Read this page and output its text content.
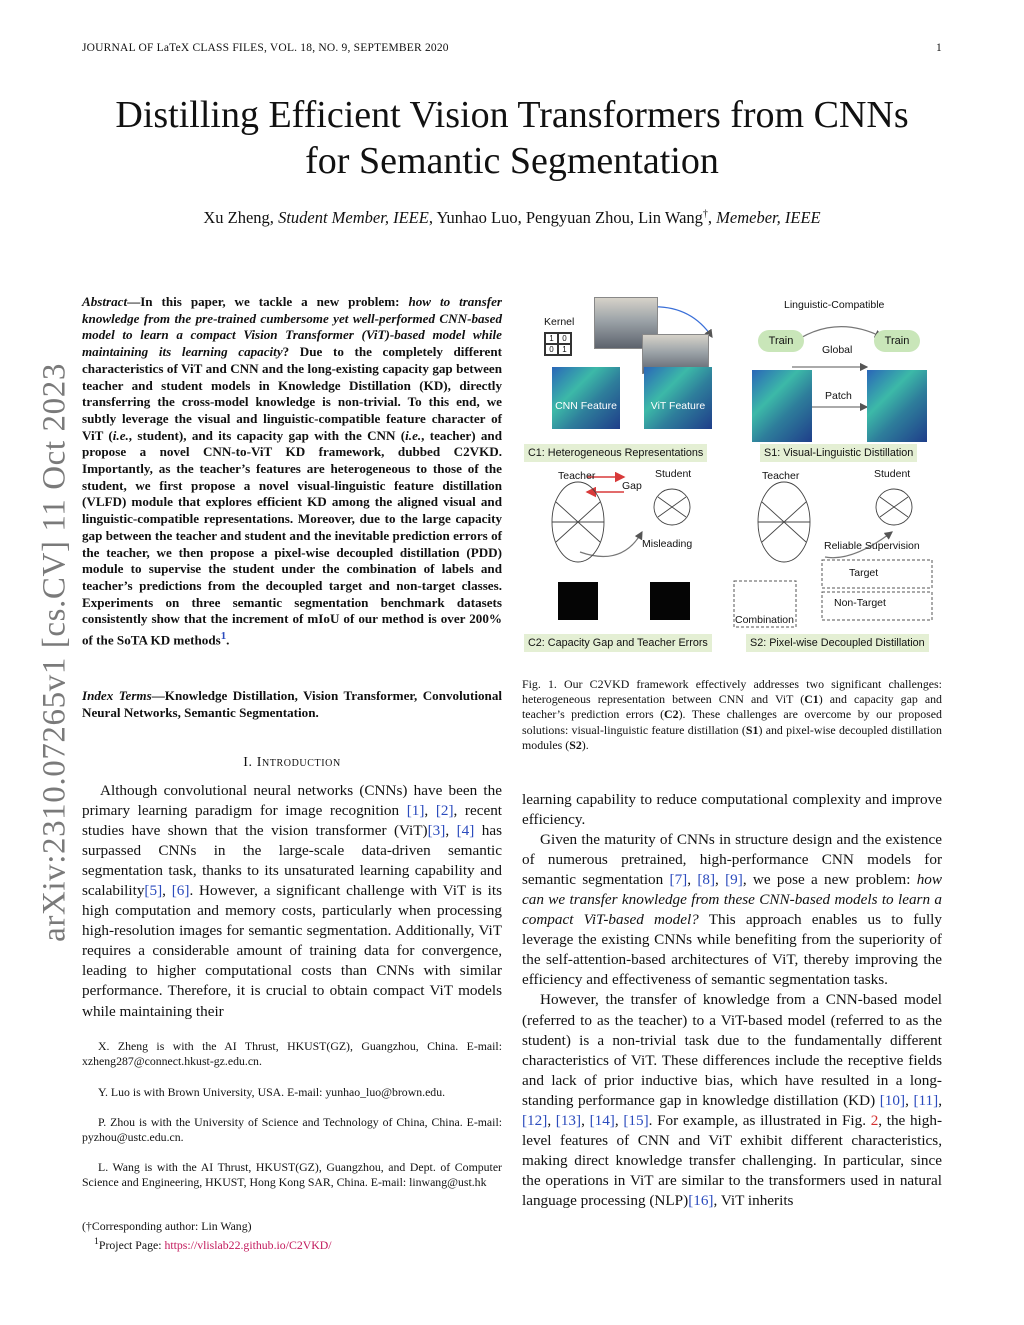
JOURNAL OF LaTeX CLASS FILES, VOL. 18, NO. 9, SEPTEMBER 2020	1
arXiv:2310.07265v1 [cs.CV] 11 Oct 2023
Distilling Efficient Vision Transformers from CNNs
for Semantic Segmentation
Xu Zheng, Student Member, IEEE, Yunhao Luo, Pengyuan Zhou, Lin Wang†, Memeber, IEEE
Abstract—In this paper, we tackle a new problem: how to transfer knowledge from the pre-trained cumbersome yet well-performed CNN-based model to learn a compact Vision Transformer (ViT)-based model while maintaining its learning capacity? Due to the completely different characteristics of ViT and CNN and the long-existing capacity gap between teacher and student models in Knowledge Distillation (KD), directly transferring the cross-model knowledge is non-trivial. To this end, we subtly leverage the visual and linguistic-compatible feature character of ViT (i.e., student), and its capacity gap with the CNN (i.e., teacher) and propose a novel CNN-to-ViT KD framework, dubbed C2VKD. Importantly, as the teacher’s features are heterogeneous to those of the student, we first propose a novel visual-linguistic feature distillation (VLFD) module that explores efficient KD among the aligned visual and linguistic-compatible representations. Moreover, due to the large capacity gap between the teacher and student and the inevitable prediction errors of the teacher, we then propose a pixel-wise decoupled distillation (PDD) module to supervise the student under the combination of labels and teacher’s predictions from the decoupled target and non-target classes. Experiments on three semantic segmentation benchmark datasets consistently show that the increment of mIoU of our method is over 200% of the SoTA KD methods$^1$.
Index Terms—Knowledge Distillation, Vision Transformer, Convolutional Neural Networks, Semantic Segmentation.
I. Introduction

Although convolutional neural networks (CNNs) have been the primary learning paradigm for image recognition [1], [2], recent studies have shown that the vision transformer (ViT)[3], [4] has surpassed CNNs in the large-scale data-driven semantic segmentation task, thanks to its unsaturated learning capability and scalability[5], [6]. However, a significant challenge with ViT is its high computation and memory costs, particularly when processing high-resolution images for semantic segmentation. Additionally, ViT requires a considerable amount of training data for convergence, leading to higher computational costs than CNNs with similar performance. Therefore, it is crucial to obtain compact ViT models while maintaining their

X. Zheng is with the AI Thrust, HKUST(GZ), Guangzhou, China. E-mail: xzheng287@connect.hkust-gz.edu.cn.

Y. Luo is with Brown University, USA. E-mail: yunhao_luo@brown.edu.

P. Zhou is with the University of Science and Technology of China, China. E-mail: pyzhou@ustc.edu.cn.

L. Wang is with the AI Thrust, HKUST(GZ), Guangzhou, and Dept. of Computer Science and Engineering, HKUST, Hong Kong SAR, China. E-mail: linwang@ust.hk

(†Corresponding author: Lin Wang)

$^1$Project Page: https://vlislab22.github.io/C2VKD/

Kernel
1	0
0	1
CNN Feature	ViT Feature
Linguistic-Compatible
Train	Train
Global
Patch
C1: Heterogeneous Representations	S1: Visual-Linguistic Distillation
Teacher	Student
Gap
Misleading
Teacher	Student
Reliable Supervision
Target
Non-Target
Combination
C2: Capacity Gap and Teacher Errors	S2: Pixel-wise Decoupled Distillation
Fig. 1. Our C2VKD framework effectively addresses two significant challenges: heterogeneous representation between CNN and ViT (C1) and capacity gap and teacher’s prediction errors (C2). These challenges are overcome by our proposed solutions: visual-linguistic feature distillation (S1) and pixel-wise decoupled distillation modules (S2).

learning capability to reduce computational complexity and improve efficiency.

Given the maturity of CNNs in structure design and the existence of numerous pretrained, high-performance CNN models for semantic segmentation [7], [8], [9], we pose a new problem: how can we transfer knowledge from these CNN-based models to learn a compact ViT-based model? This approach enables us to fully leverage the existing CNNs while benefiting from the superiority of the self-attention-based architectures of ViT, thereby improving the efficiency and effectiveness of semantic segmentation tasks.

However, the transfer of knowledge from a CNN-based model (referred to as the teacher) to a ViT-based model (referred to as the student) is a non-trivial task due to the fundamentally different characteristics of ViT. These differences include the receptive fields and lack of prior inductive bias, which have resulted in a long-standing performance gap in knowledge distillation (KD) [10], [11], [12], [13], [14], [15]. For example, as illustrated in Fig. 2, the high-level features of CNN and ViT exhibit different characteristics, making direct knowledge transfer challenging. In particular, since the operations in ViT are similar to the transformers used in natural language processing (NLP)[16], ViT inherits
